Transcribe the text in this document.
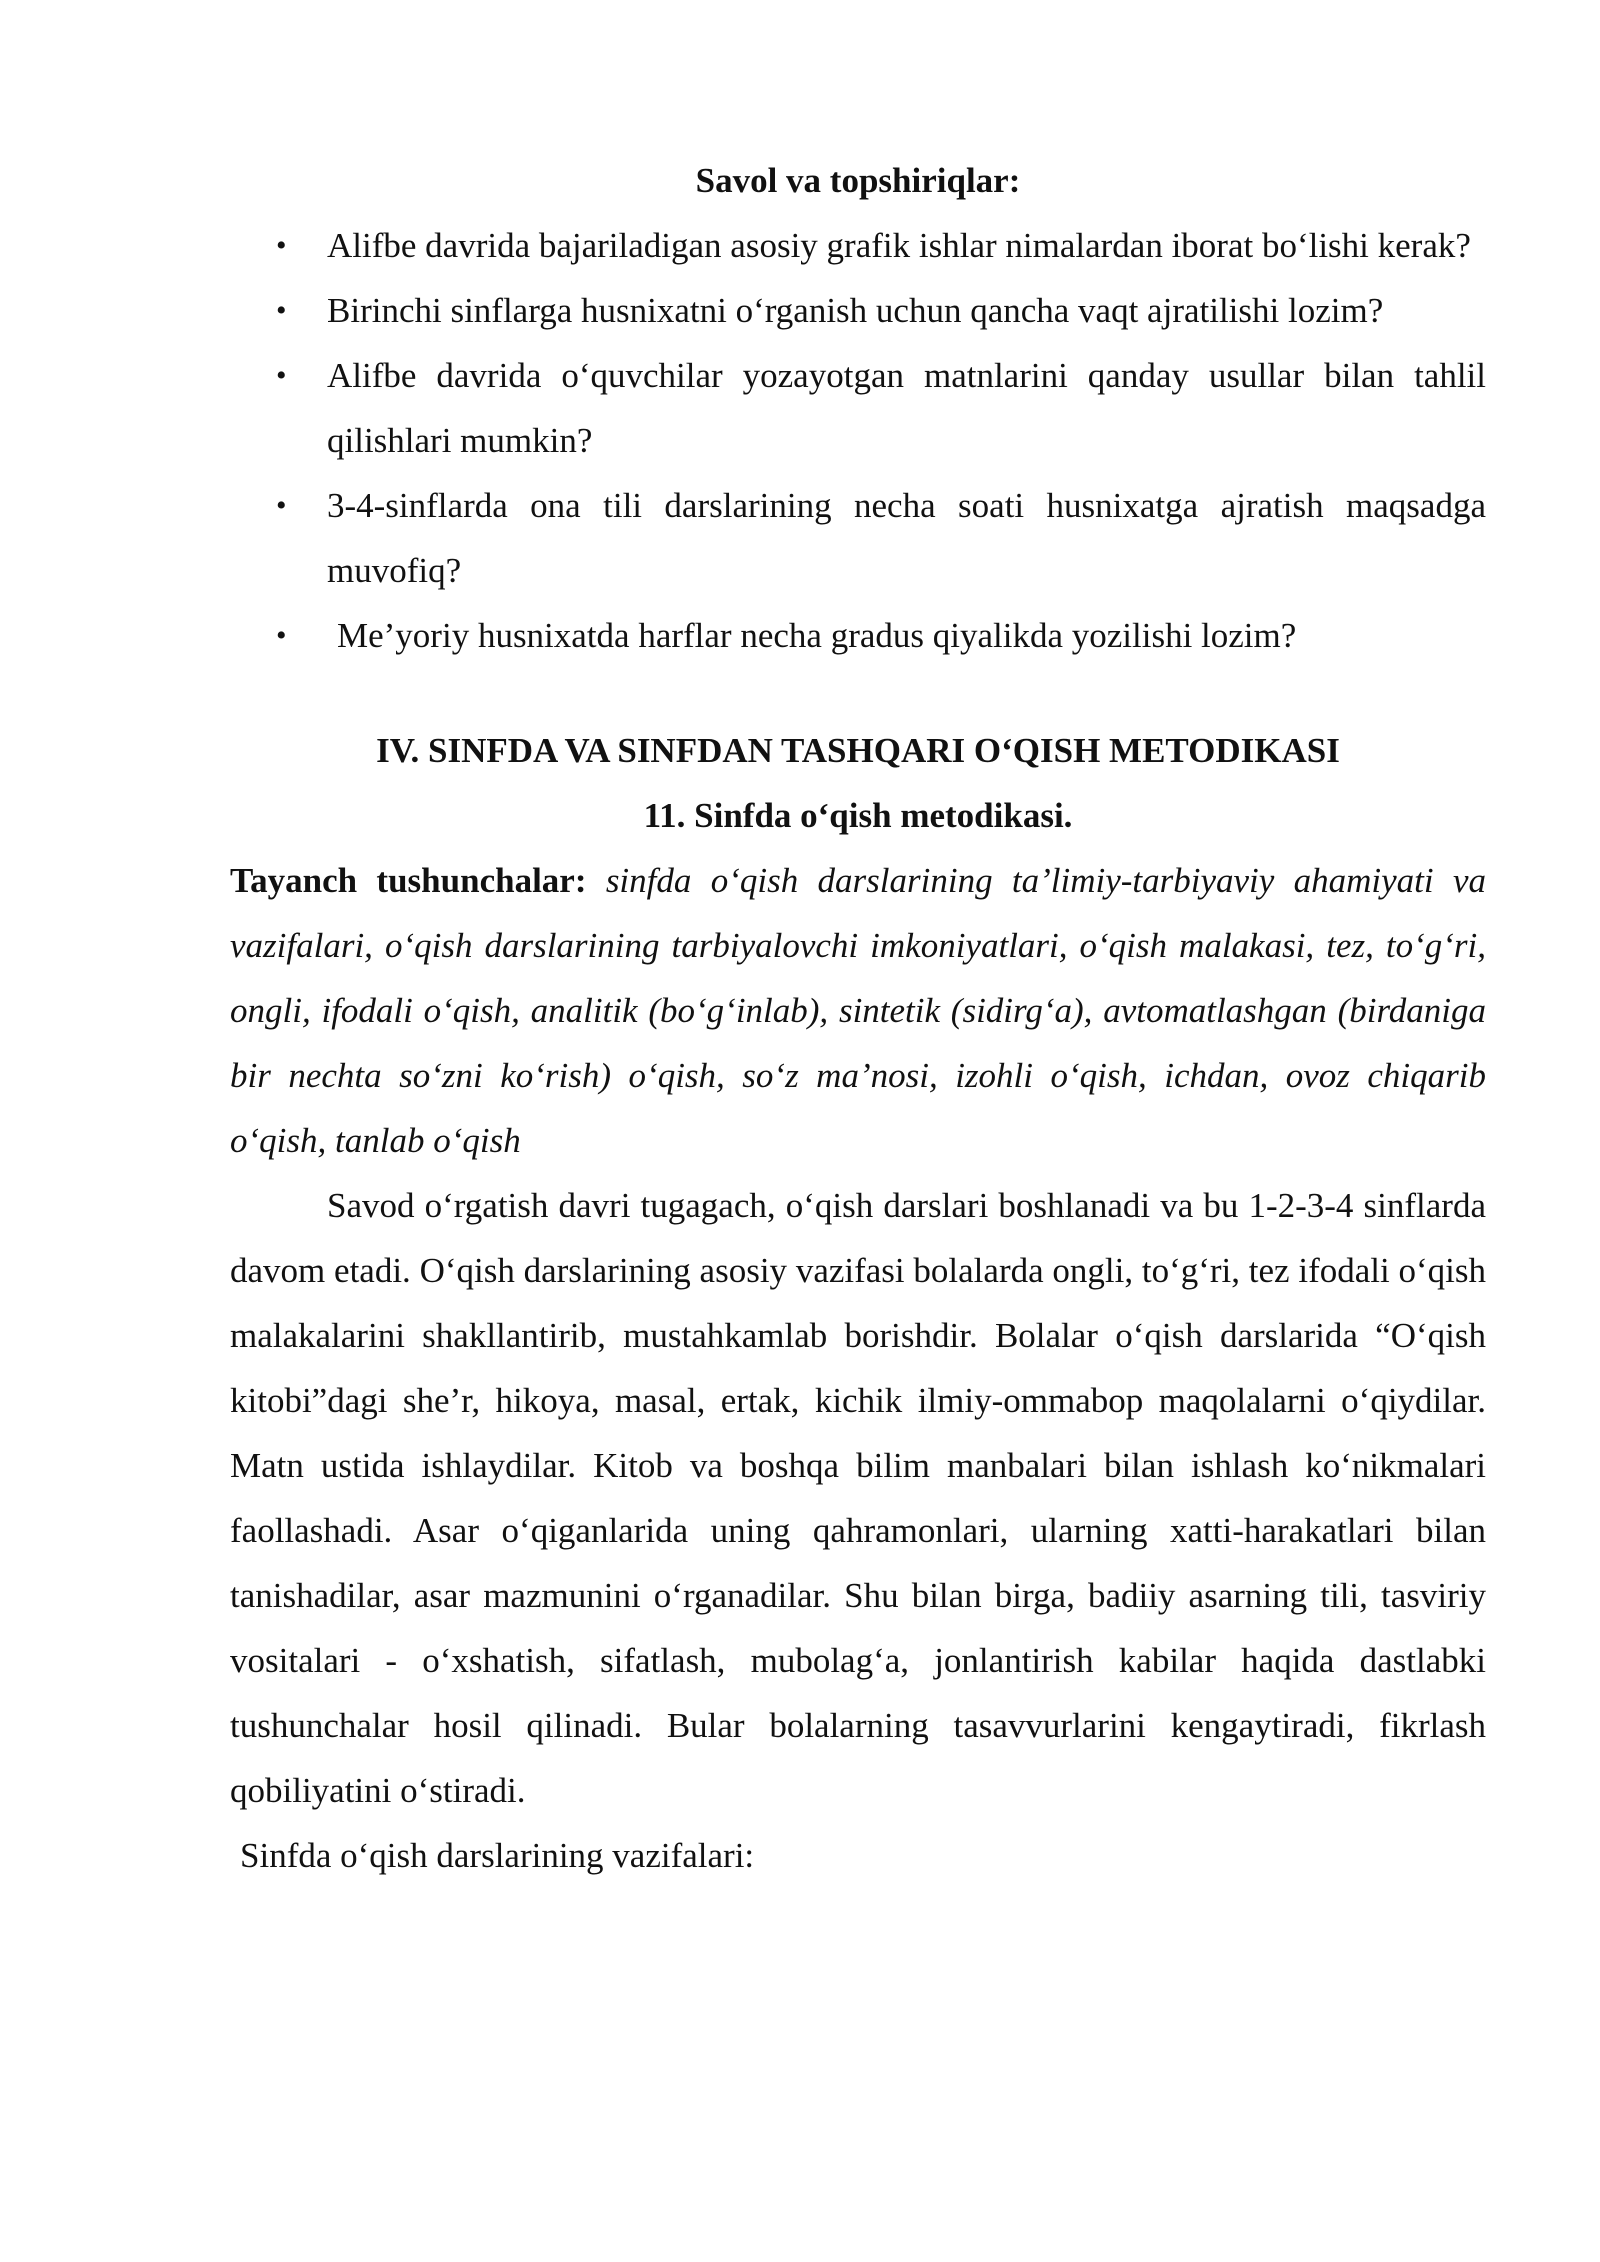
Savol va topshiriqlar:
• Alifbe davrida bajariladigan asosiy grafik ishlar nimalardan iborat bo‘lishi kerak?
• Birinchi sinflarga husnixatni o‘rganish uchun qancha vaqt ajratilishi lozim?
• Alifbe davrida o‘quvchilar yozayotgan matnlarini qanday usullar bilan tahlil qilishlari mumkin?
• 3-4-sinflarda ona tili darslarining necha soati husnixatga ajratish maqsadga muvofiq?
• Me’yoriy husnixatda harflar necha gradus qiyalikda yozilishi lozim?
IV. SINFDA VA SINFDAN TASHQARI O‘QISH METODIKASI
11. Sinfda o‘qish metodikasi.
Tayanch tushunchalar: sinfda o‘qish darslarining ta’limiy-tarbiyaviy ahamiyati va vazifalari, o‘qish darslarining tarbiyalovchi imkoniyatlari, o‘qish malakasi, tez, to‘g‘ri, ongli, ifodali o‘qish, analitik (bo‘g‘inlab), sintetik (sidirg‘a), avtomatlashgan (birdaniga bir nechta so‘zni ko‘rish) o‘qish, so‘z ma’nosi, izohli o‘qish, ichdan, ovoz chiqarib o‘qish, tanlab o‘qish
Savod o‘rgatish davri tugagach, o‘qish darslari boshlanadi va bu 1-2-3-4 sinflarda davom etadi. O‘qish darslarining asosiy vazifasi bolalarda ongli, to‘g‘ri, tez ifodali o‘qish malakalarini shakllantirib, mustahkamlab borishdir. Bolalar o‘qish darslarida “O‘qish kitobi”dagi she’r, hikoya, masal, ertak, kichik ilmiy-ommabop maqolalarni o‘qiydilar. Matn ustida ishlaydilar. Kitob va boshqa bilim manbalari bilan ishlash ko‘nikmalari faollashadi. Asar o‘qiganlarida uning qahramonlari, ularning xatti-harakatlari bilan tanishadilar, asar mazmunini o‘rganadilar. Shu bilan birga, badiiy asarning tili, tasviriy vositalari - o‘xshatish, sifatlash, mubolag‘a, jonlantirish kabilar haqida dastlabki tushunchalar hosil qilinadi. Bular bolalarning tasavvurlarini kengaytiradi, fikrlash qobiliyatini o‘stiradi.
Sinfda o‘qish darslarining vazifalari:
